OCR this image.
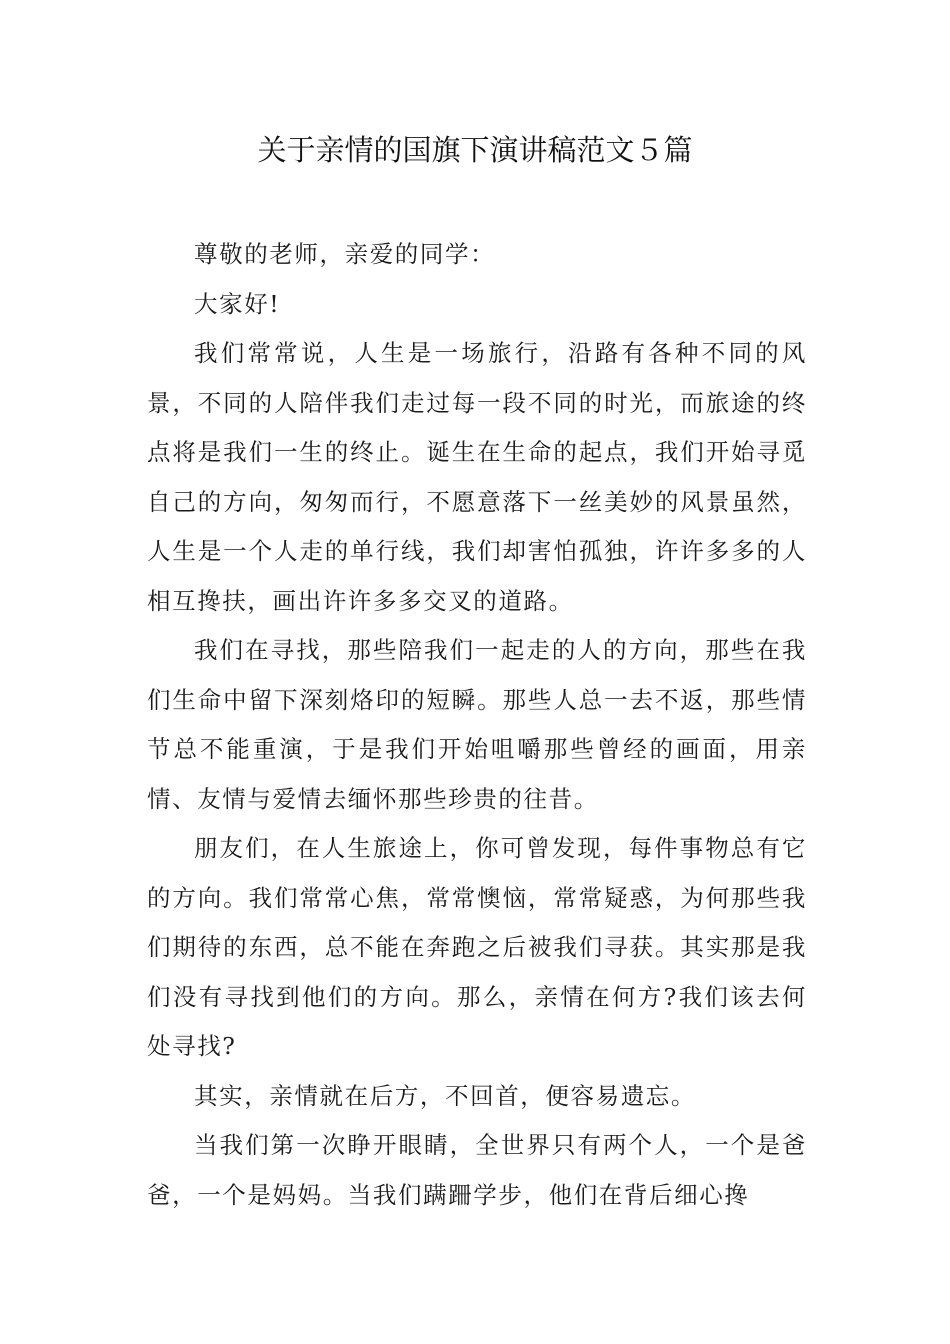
关于亲情的国旗下演讲稿范文５篇

尊敬的老师，亲爱的同学：

大家好!

我们常常说，人生是一场旅行，沿路有各种不同的风景，不同的人陪伴我们走过每一段不同的时光，而旅途的终点将是我们一生的终止。诞生在生命的起点，我们开始寻觅自己的方向，匆匆而行，不愿意落下一丝美妙的风景虽然，人生是一个人走的单行线，我们却害怕孤独，许许多多的人相互搀扶，画出许许多多交叉的道路。

我们在寻找，那些陪我们一起走的人的方向，那些在我们生命中留下深刻烙印的短瞬。那些人总一去不返，那些情节总不能重演，于是我们开始咀嚼那些曾经的画面，用亲情、友情与爱情去缅怀那些珍贵的往昔。

朋友们，在人生旅途上，你可曾发现，每件事物总有它的方向。我们常常心焦，常常懊恼，常常疑惑，为何那些我们期待的东西，总不能在奔跑之后被我们寻获。其实那是我们没有寻找到他们的方向。那么，亲情在何方?我们该去何处寻找?

其实，亲情就在后方，不回首，便容易遗忘。

当我们第一次睁开眼睛，全世界只有两个人，一个是爸爸，一个是妈妈。当我们蹒跚学步，他们在背后细心搀
